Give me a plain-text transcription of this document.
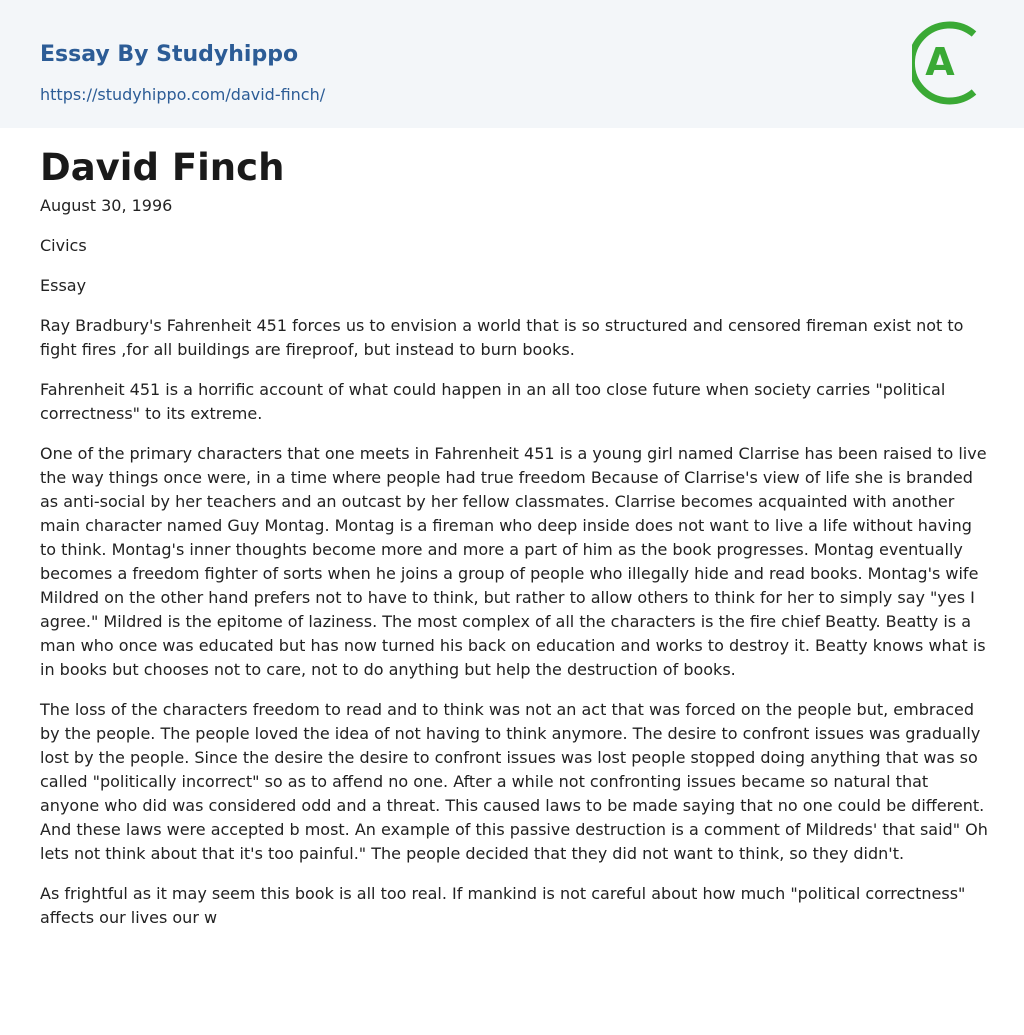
Essay By Studyhippo
https://studyhippo.com/david-finch/
A
David Finch
August 30, 1996
Civics
Essay

Ray Bradbury's Fahrenheit 451 forces us to envision a world that is so structured and censored fireman exist not to fight fires ,for all buildings are fireproof, but instead to burn books.

Fahrenheit 451 is a horrific account of what could happen in an all too close future when society carries "political correctness" to its extreme.

One of the primary characters that one meets in Fahrenheit 451 is a young girl named Clarrise has been raised to live the way things once were, in a time where people had true freedom Because of Clarrise's view of life she is branded as anti-social by her teachers and an outcast by her fellow classmates. Clarrise becomes acquainted with another main character named Guy Montag. Montag is a fireman who deep inside does not want to live a life without having to think. Montag's inner thoughts become more and more a part of him as the book progresses. Montag eventually becomes a freedom fighter of sorts when he joins a group of people who illegally hide and read books. Montag's wife Mildred on the other hand prefers not to have to think, but rather to allow others to think for her to simply say "yes I agree." Mildred is the epitome of laziness. The most complex of all the characters is the fire chief Beatty. Beatty is a man who once was educated but has now turned his back on education and works to destroy it. Beatty knows what is in books but chooses not to care, not to do anything but help the destruction of books.

The loss of the characters freedom to read and to think was not an act that was forced on the people but, embraced by the people. The people loved the idea of not having to think anymore. The desire to confront issues was gradually lost by the people. Since the desire the desire to confront issues was lost people stopped doing anything that was so called "politically incorrect" so as to affend no one. After a while not confronting issues became so natural that anyone who did was considered odd and a threat. This caused laws to be made saying that no one could be different. And these laws were accepted b most. An example of this passive destruction is a comment of Mildreds' that said" Oh lets not think about that it's too painful." The people decided that they did not want to think, so they didn't.

As frightful as it may seem this book is all too real. If mankind is not careful about how much "political correctness" affects our lives our w
